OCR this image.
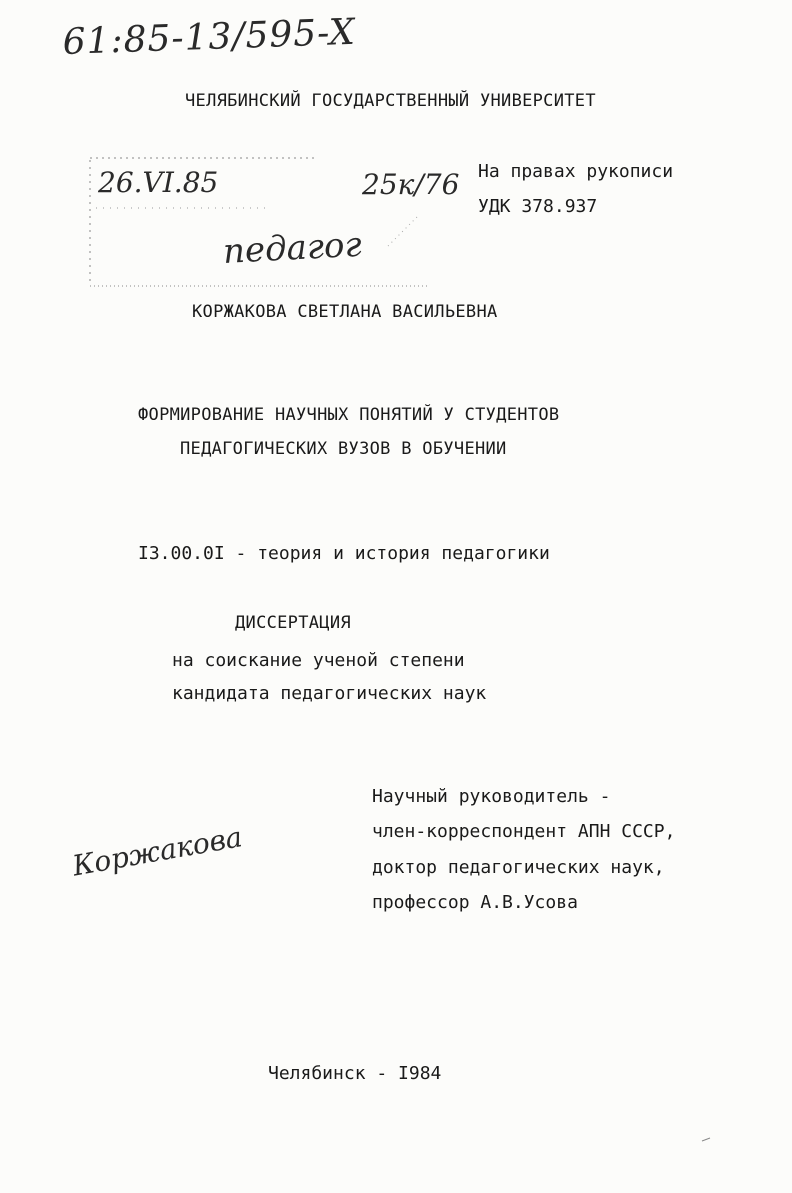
61:85-13/595-X
ЧЕЛЯБИНСКИЙ ГОСУДАРСТВЕННЫЙ УНИВЕРСИТЕТ
26.VI.85	25к/76
педагог
На правах рукописи
УДК 378.937
КОРЖАКОВА СВЕТЛАНА ВАСИЛЬЕВНА
ФОРМИРОВАНИЕ НАУЧНЫХ ПОНЯТИЙ У СТУДЕНТОВ
ПЕДАГОГИЧЕСКИХ ВУЗОВ В ОБУЧЕНИИ
I3.00.0I - теория и история педагогики
ДИССЕРТАЦИЯ
на соискание ученой степени
кандидата педагогических наук
Научный руководитель -
член-корреспондент АПН СССР,
доктор педагогических наук,
профессор А.В.Усова
Коржакова
Челябинск - I984
